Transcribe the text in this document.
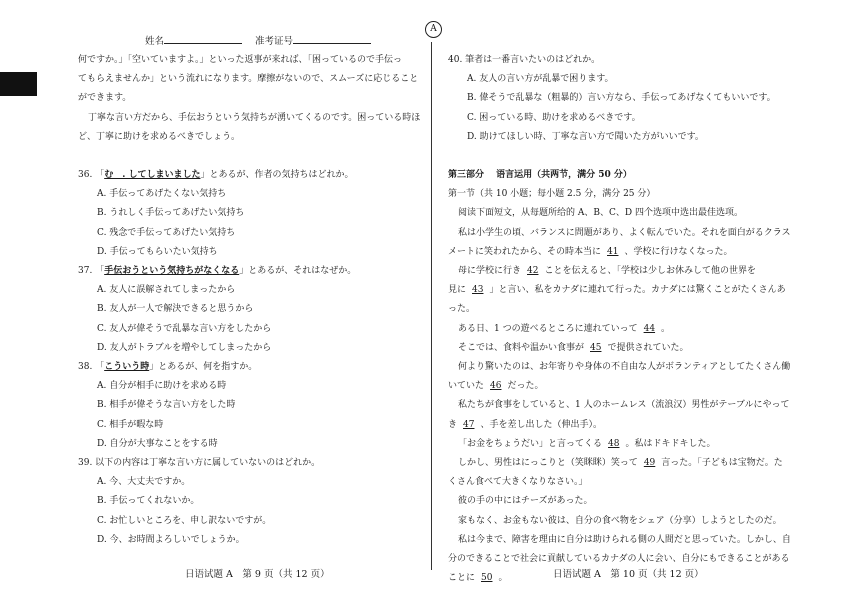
姓名	准考证号
A
何ですか。」「空いていますよ。」といった返事が来れば、「困っているので手伝っ
てもらえませんか」という流れになります。摩擦がないので、スムーズに応じること
ができます。
丁寧な言い方だから、手伝おうという気持ちが湧いてくるのです。困っている時ほ
ど、丁寧に助けを求めるべきでしょう。
36. 「む　. してしまいました」とあるが、作者の気持ちはどれか。
A. 手伝ってあげたくない気持ち
B. うれしく手伝ってあげたい気持ち
C. 残念で手伝ってあげたい気持ち
D. 手伝ってもらいたい気持ち
37. 「手伝おうという気持ちがなくなる」とあるが、それはなぜか。
A. 友人に誤解されてしまったから
B. 友人が一人で解決できると思うから
C. 友人が偉そうで乱暴な言い方をしたから
D. 友人がトラブルを増やしてしまったから
38. 「こういう時」とあるが、何を指すか。
A. 自分が相手に助けを求める時
B. 相手が偉そうな言い方をした時
C. 相手が暇な時
D. 自分が大事なことをする時
39. 以下の内容は丁寧な言い方に属していないのはどれか。
A. 今、大丈夫ですか。
B. 手伝ってくれないか。
C. お忙しいところを、申し訳ないですが。
D. 今、お時間よろしいでしょうか。
40. 筆者は一番言いたいのはどれか。
A. 友人の言い方が乱暴で困ります。
B. 偉そうで乱暴な（粗暴的）言い方なら、手伝ってあげなくてもいいです。
C. 困っている時、助けを求めるべきです。
D. 助けてほしい時、丁寧な言い方で聞いた方がいいです。
第三部分　 语言运用（共两节，满分 50 分）
第一节（共 10 小题；每小题 2.5 分，满分 25 分）
阅读下面短文，从每题所给的 A、B、C、D 四个选项中选出最佳选项。
私は小学生の頃、バランスに問題があり、よく転んでいた。それを面白がるクラス
メートに笑われたから、その時本当に 41 、学校に行けなくなった。
母に学校に行き 42 ことを伝えると、「学校は少しお休みして他の世界を
見に 43 」と言い、私をカナダに連れて行った。カナダには驚くことがたくさんあ
った。
ある日、1 つの遊べるところに連れていって 44 。
そこでは、食料や温かい食事が 45 で提供されていた。
何より驚いたのは、お年寄りや身体の不自由な人がボランティアとしてたくさん働
いていた 46 だった。
私たちが食事をしていると、1 人のホームレス（流浪汉）男性がテーブルにやって
き 47 、手を差し出した（伸出手）。
「お金をちょうだい」と言ってくる 48 。私はドキドキした。
しかし、男性はにっこりと（笑眯眯）笑って 49 言った。「子どもは宝物だ。た
くさん食べて大きくなりなさい。」
彼の手の中にはチーズがあった。
家もなく、お金もない彼は、自分の食べ物をシェア（分享）しようとしたのだ。
私は今まで、障害を理由に自分は助けられる側の人間だと思っていた。しかし、自
分のできることで社会に貢献しているカナダの人に会い、自分にもできることがある
ことに 50 。
日语试题 A　第 9 页（共 12 页）	日语试题 A　第 10 页（共 12 页）
